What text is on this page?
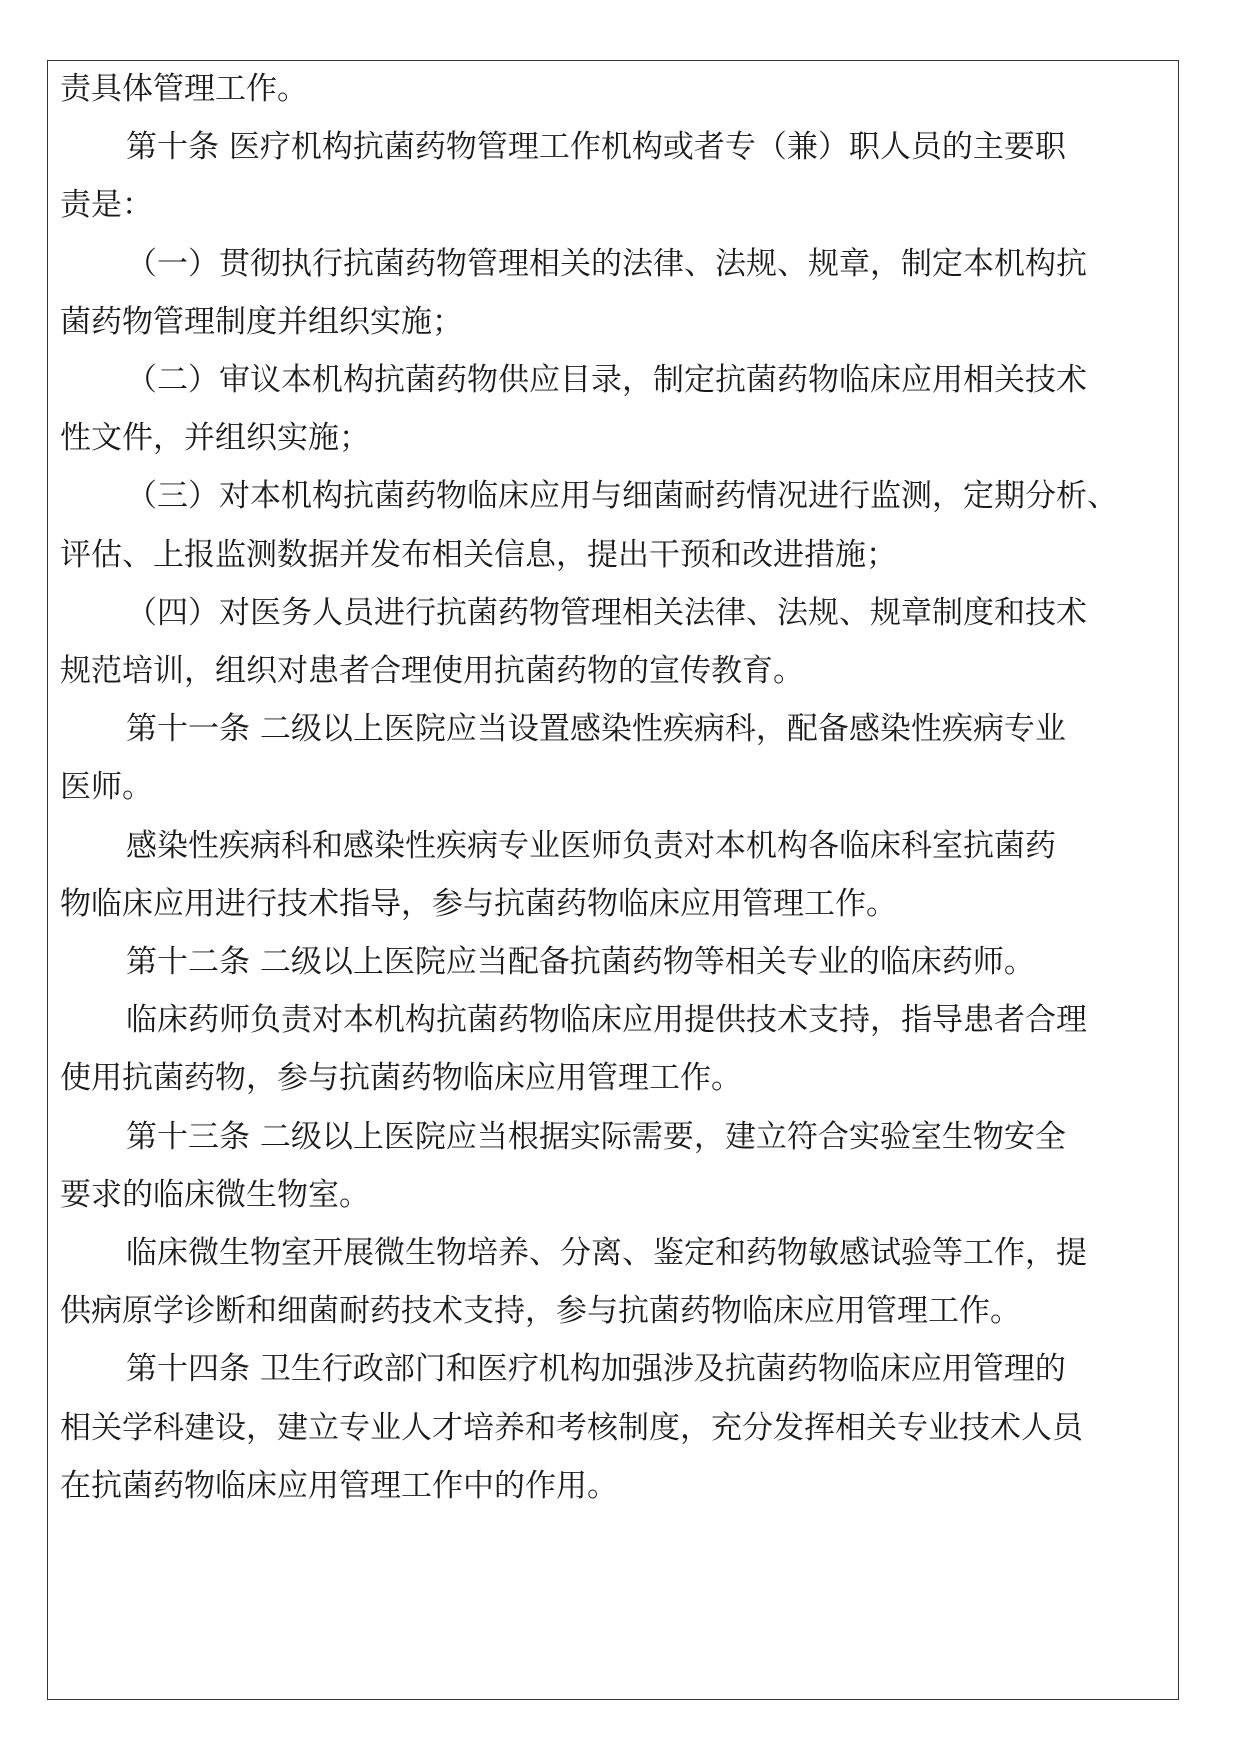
责具体管理工作。
第十条 医疗机构抗菌药物管理工作机构或者专（兼）职人员的主要职
责是：
（一）贯彻执行抗菌药物管理相关的法律、法规、规章，制定本机构抗
菌药物管理制度并组织实施；
（二）审议本机构抗菌药物供应目录，制定抗菌药物临床应用相关技术
性文件，并组织实施；
（三）对本机构抗菌药物临床应用与细菌耐药情况进行监测，定期分析、
评估、上报监测数据并发布相关信息，提出干预和改进措施；
（四）对医务人员进行抗菌药物管理相关法律、法规、规章制度和技术
规范培训，组织对患者合理使用抗菌药物的宣传教育。
第十一条 二级以上医院应当设置感染性疾病科，配备感染性疾病专业
医师。
感染性疾病科和感染性疾病专业医师负责对本机构各临床科室抗菌药
物临床应用进行技术指导，参与抗菌药物临床应用管理工作。
第十二条 二级以上医院应当配备抗菌药物等相关专业的临床药师。
临床药师负责对本机构抗菌药物临床应用提供技术支持，指导患者合理
使用抗菌药物，参与抗菌药物临床应用管理工作。
第十三条 二级以上医院应当根据实际需要，建立符合实验室生物安全
要求的临床微生物室。
临床微生物室开展微生物培养、分离、鉴定和药物敏感试验等工作，提
供病原学诊断和细菌耐药技术支持，参与抗菌药物临床应用管理工作。
第十四条 卫生行政部门和医疗机构加强涉及抗菌药物临床应用管理的
相关学科建设，建立专业人才培养和考核制度，充分发挥相关专业技术人员
在抗菌药物临床应用管理工作中的作用。
